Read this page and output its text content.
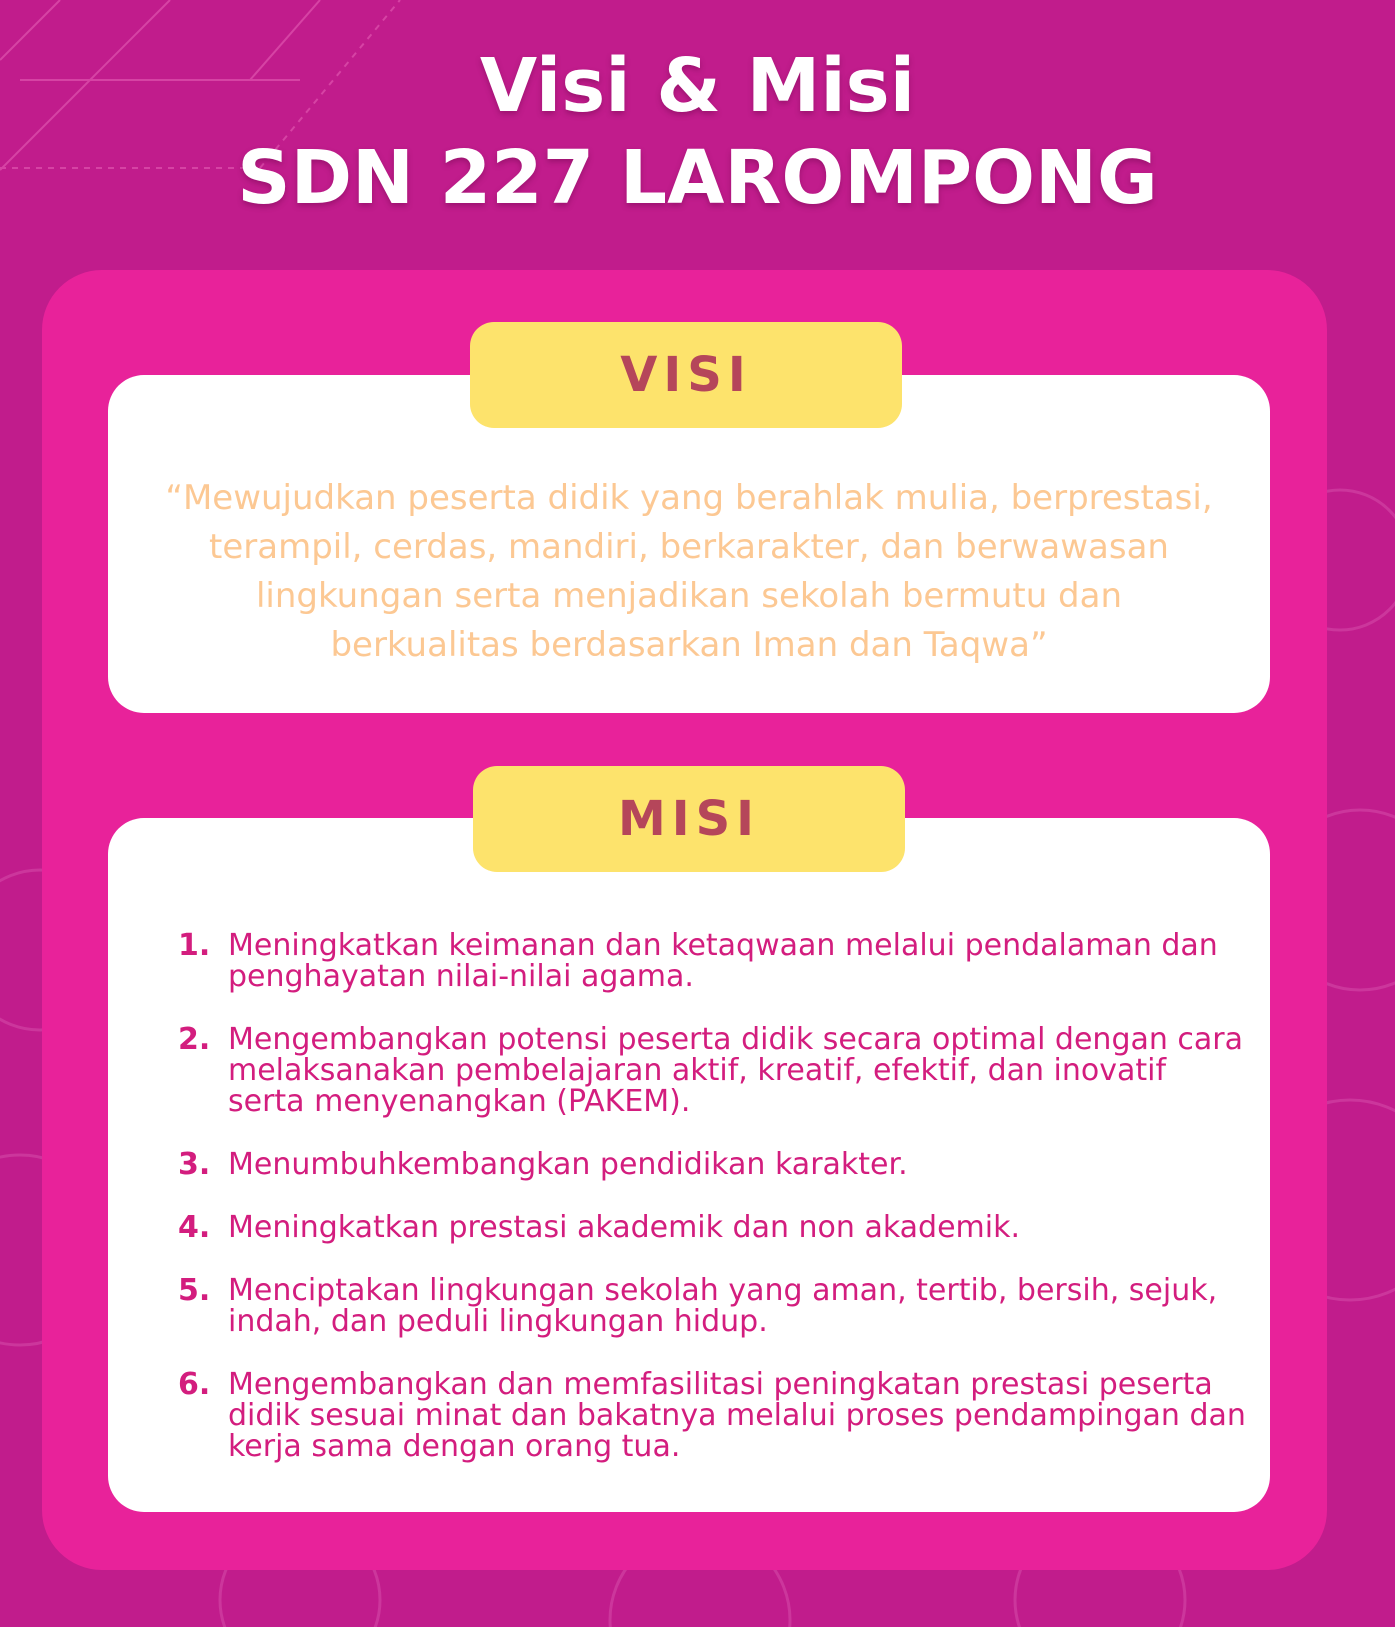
Visi & Misi
SDN 227 LAROMPONG
VISI
“Mewujudkan peserta didik yang berahlak mulia, berprestasi, terampil, cerdas, mandiri, berkarakter, dan berwawasan lingkungan serta menjadikan sekolah bermutu dan berkualitas berdasarkan Iman dan Taqwa”
MISI
1. Meningkatkan keimanan dan ketaqwaan melalui pendalaman dan penghayatan nilai-nilai agama.
2. Mengembangkan potensi peserta didik secara optimal dengan cara melaksanakan pembelajaran aktif, kreatif, efektif, dan inovatif serta menyenangkan (PAKEM).
3. Menumbuhkembangkan pendidikan karakter.
4. Meningkatkan prestasi akademik dan non akademik.
5. Menciptakan lingkungan sekolah yang aman, tertib, bersih, sejuk, indah, dan peduli lingkungan hidup.
6. Mengembangkan dan memfasilitasi peningkatan prestasi peserta didik sesuai minat dan bakatnya melalui proses pendampingan dan kerja sama dengan orang tua.
